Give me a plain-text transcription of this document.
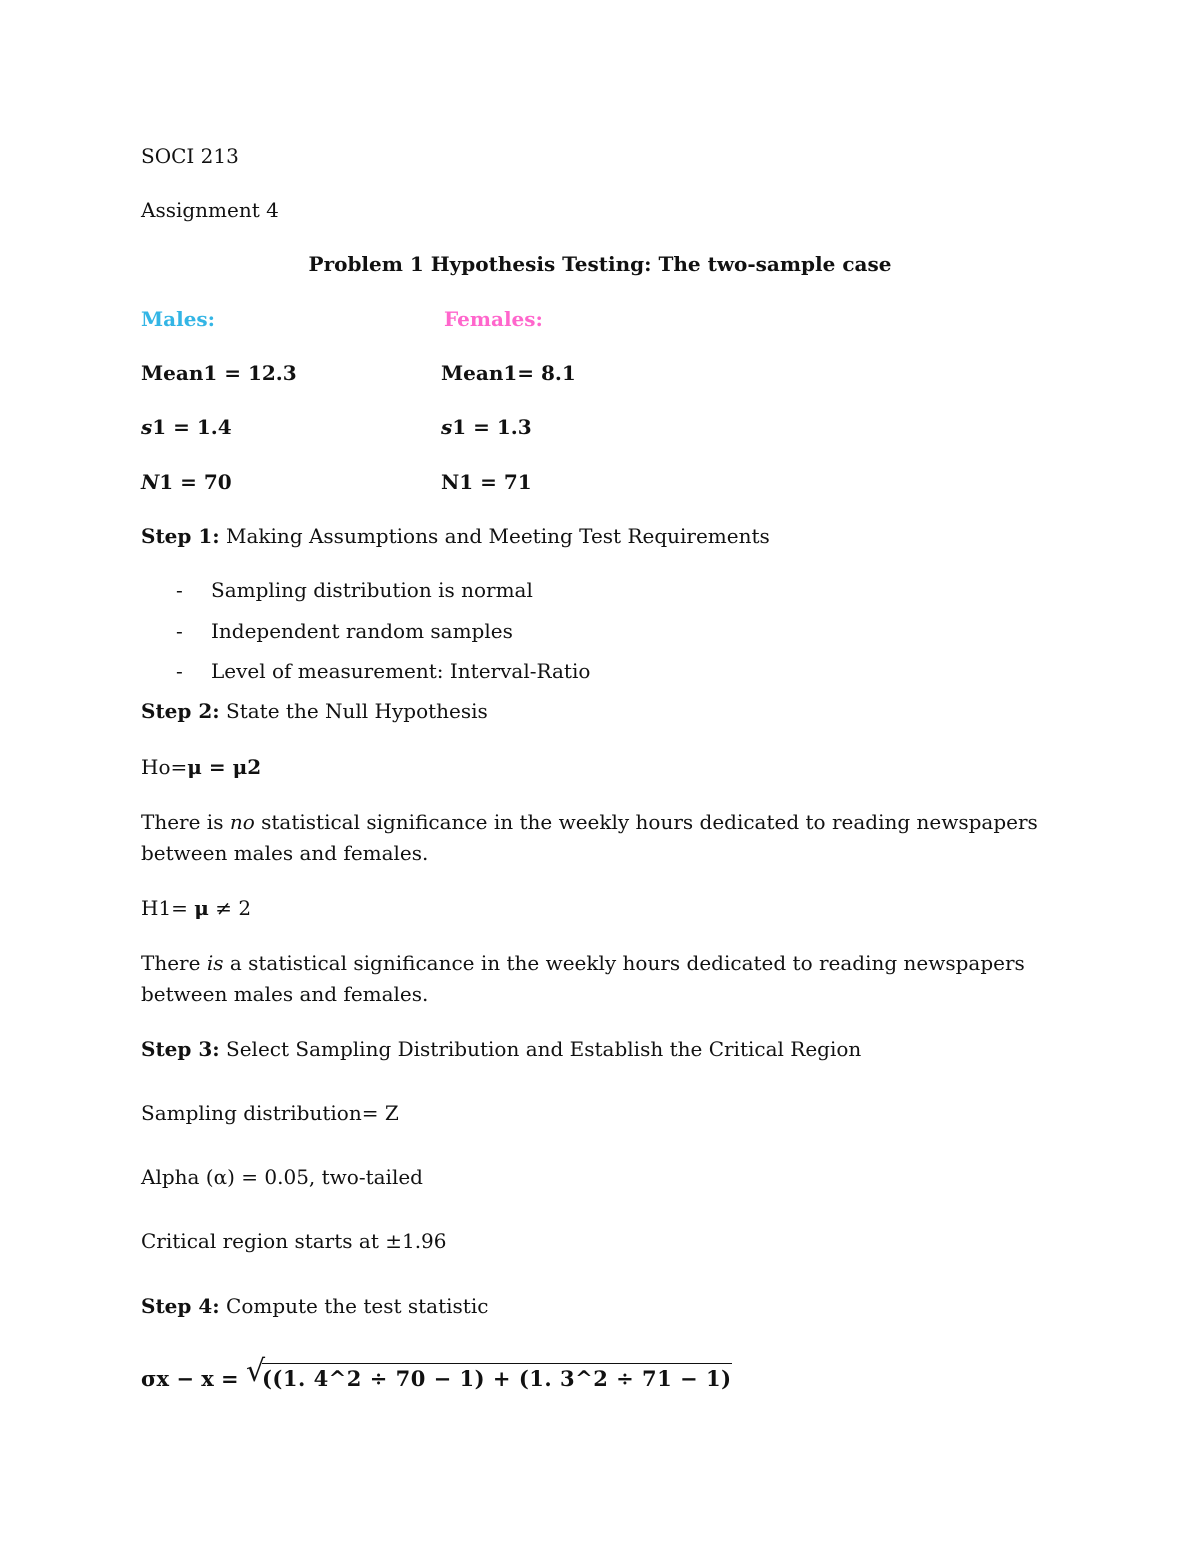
SOCI 213
Assignment 4
Problem 1 Hypothesis Testing: The two-sample case
Males:	Females:
Mean1 = 12.3	Mean1= 8.1
s1 = 1.4	s1 = 1.3
N1 = 70	N1 = 71
Step 1: Making Assumptions and Meeting Test Requirements
- Sampling distribution is normal
- Independent random samples
- Level of measurement: Interval-Ratio
Step 2: State the Null Hypothesis
Ho=μ = μ2
There is no statistical significance in the weekly hours dedicated to reading newspapers between males and females.
H1= μ ≠ 2
There is a statistical significance in the weekly hours dedicated to reading newspapers between males and females.
Step 3: Select Sampling Distribution and Establish the Critical Region
Sampling distribution= Z
Alpha (α) = 0.05, two-tailed
Critical region starts at ±1.96
Step 4: Compute the test statistic
σx − x = √
((1. 4^2 ÷ 70 − 1) + (1. 3^2 ÷ 71 − 1)
